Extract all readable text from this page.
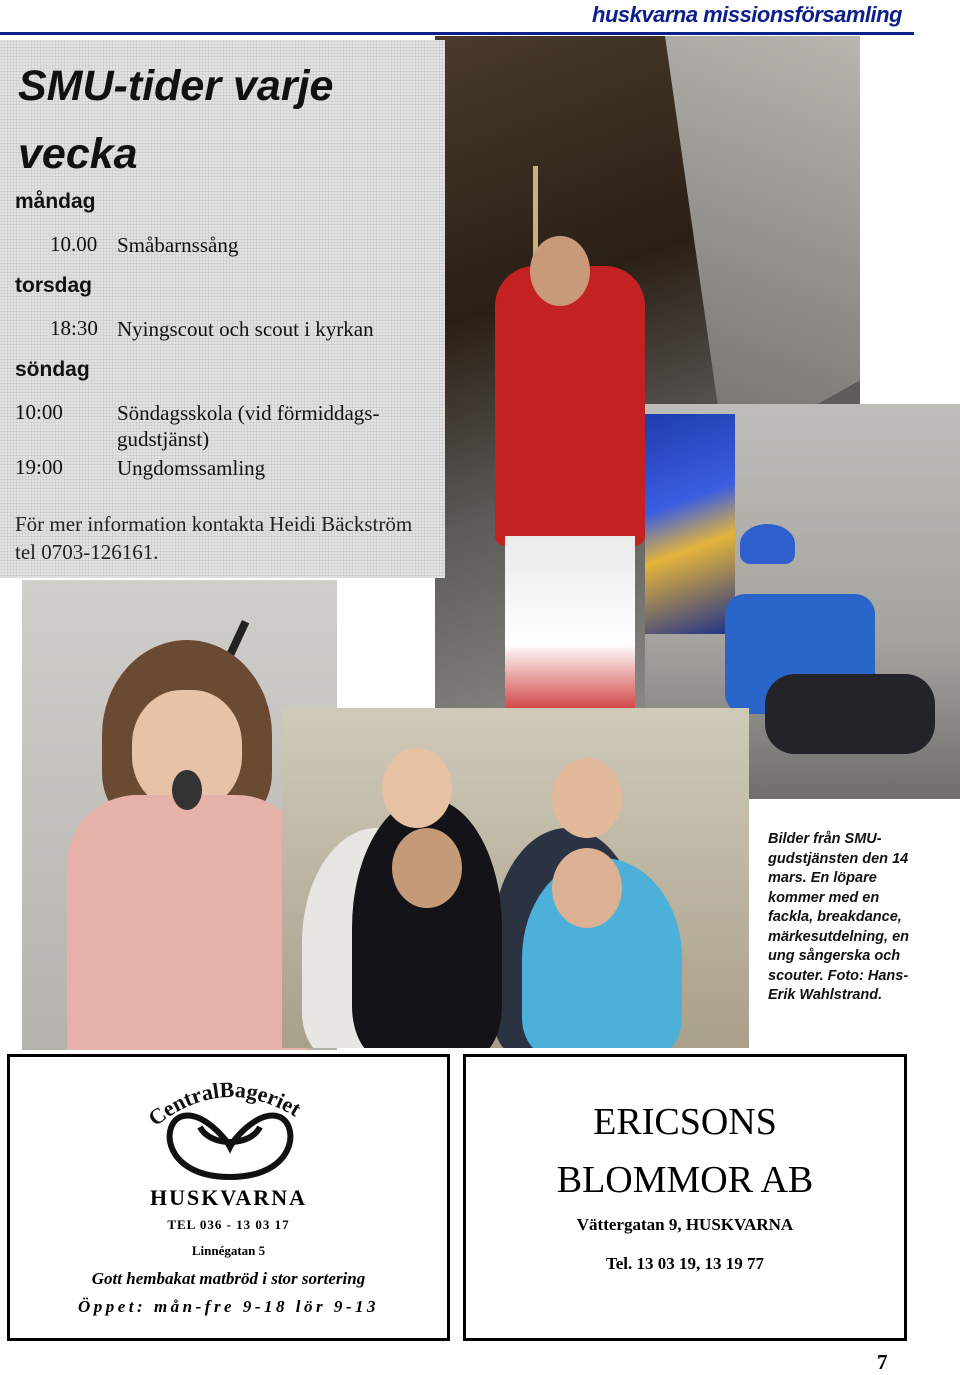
huskvarna missionsförsamling
SMU-tider varje vecka
måndag
10.00 Småbarnssång
torsdag
18:30 Nyingscout och scout i kyrkan
söndag
10:00	Söndagsskola (vid förmiddags-gudstjänst)
19:00	Ungdomssamling
För mer information kontakta Heidi Bäckström tel 0703-126161.
Bilder från SMU-gudstjänsten den 14 mars. En löpare kommer med en fackla, breakdance, märkesutdelning, en ung sångerska och scouter. Foto: Hans-Erik Wahlstrand.
CentralBageriet
HUSKVARNA
TEL 036 - 13 03 17
Linnégatan 5
Gott hembakat matbröd i stor sortering
Öppet: mån-fre 9-18 lör 9-13
ERICSONS
BLOMMOR AB
Vättergatan 9, HUSKVARNA
Tel. 13 03 19, 13 19 77
7
